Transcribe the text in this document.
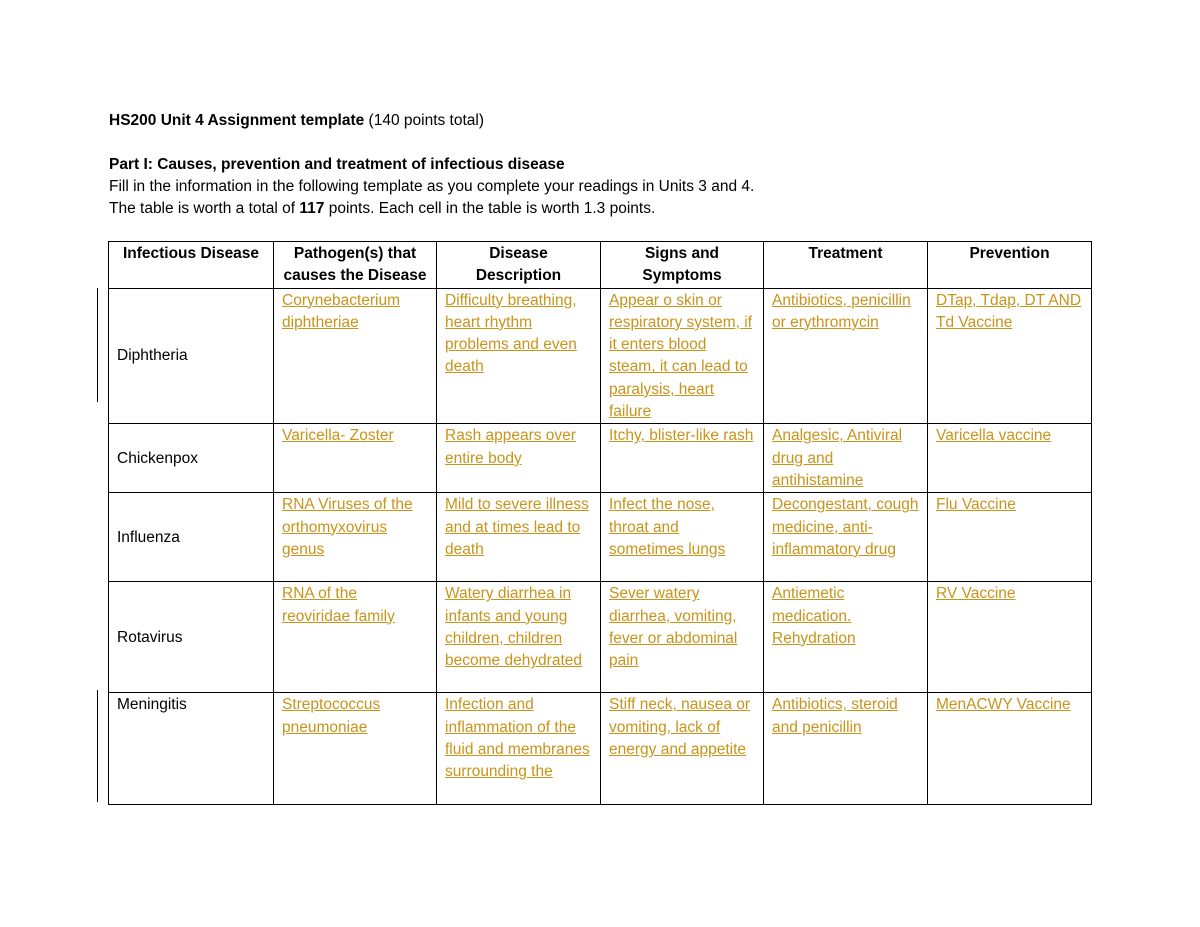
HS200 Unit 4 Assignment template (140 points total)
Part I: Causes, prevention and treatment of infectious disease
Fill in the information in the following template as you complete your readings in Units 3 and 4.
The table is worth a total of 117 points. Each cell in the table is worth 1.3 points.
Infectious Disease	Pathogen(s) that causes the Disease	Disease Description	Signs and Symptoms	Treatment	Prevention
Diphtheria	Corynebacterium diphtheriae	Difficulty breathing, heart rhythm problems and even death	Appear o skin or respiratory system, if it enters blood steam, it can lead to paralysis, heart failure	Antibiotics, penicillin or erythromycin	DTap, Tdap, DT AND Td Vaccine
Chickenpox	Varicella- Zoster	Rash appears over entire body	Itchy, blister-like rash	Analgesic, Antiviral drug and antihistamine	Varicella vaccine
Influenza	RNA Viruses of the orthomyxovirus genus	Mild to severe illness and at times lead to death	Infect the nose, throat and sometimes lungs	Decongestant, cough medicine, anti-inflammatory drug	Flu Vaccine
Rotavirus	RNA of the reoviridae family	Watery diarrhea in infants and young children, children become dehydrated	Sever watery diarrhea, vomiting, fever or abdominal pain	Antiemetic medication. Rehydration	RV Vaccine
Meningitis	Streptococcus pneumoniae	Infection and inflammation of the fluid and membranes surrounding the	Stiff neck, nausea or vomiting, lack of energy and appetite	Antibiotics, steroid and penicillin	MenACWY Vaccine
